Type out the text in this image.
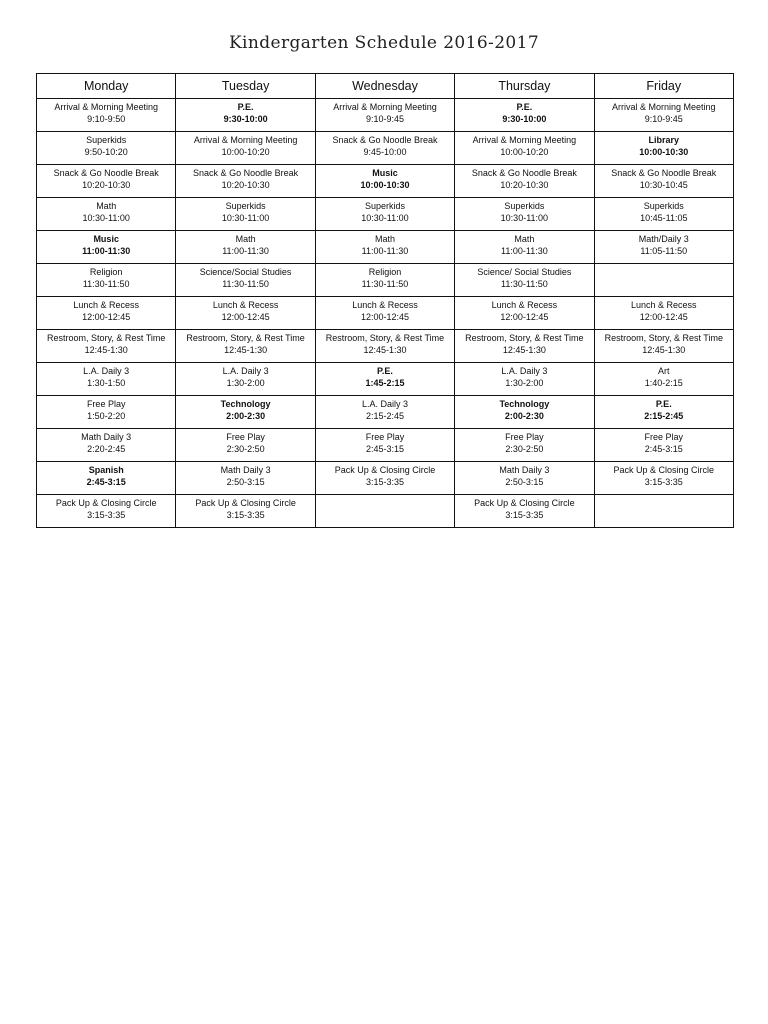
Kindergarten Schedule 2016-2017
Monday	Tuesday	Wednesday	Thursday	Friday

Arrival & Morning Meeting
9:10-9:50	P.E.
9:30-10:00	Arrival & Morning Meeting
9:10-9:45	P.E.
9:30-10:00	Arrival & Morning Meeting
9:10-9:45

Superkids
9:50-10:20	Arrival & Morning Meeting
10:00-10:20	Snack & Go Noodle Break
9:45-10:00	Arrival & Morning Meeting
10:00-10:20	Library
10:00-10:30

Snack & Go Noodle Break
10:20-10:30	Snack & Go Noodle Break
10:20-10:30	Music
10:00-10:30	Snack & Go Noodle Break
10:20-10:30	Snack & Go Noodle Break
10:30-10:45

Math
10:30-11:00	Superkids
10:30-11:00	Superkids
10:30-11:00	Superkids
10:30-11:00	Superkids
10:45-11:05

Music
11:00-11:30	Math
11:00-11:30	Math
11:00-11:30	Math
11:00-11:30	Math/Daily 3
11:05-11:50

Religion
11:30-11:50	Science/Social Studies
11:30-11:50	Religion
11:30-11:50	Science/ Social Studies
11:30-11:50	

Lunch & Recess
12:00-12:45	Lunch & Recess
12:00-12:45	Lunch & Recess
12:00-12:45	Lunch & Recess
12:00-12:45	Lunch & Recess
12:00-12:45

Restroom, Story, & Rest Time
12:45-1:30	Restroom, Story, & Rest Time
12:45-1:30	Restroom, Story, & Rest Time
12:45-1:30	Restroom, Story, & Rest Time
12:45-1:30	Restroom, Story, & Rest Time
12:45-1:30

L.A. Daily 3
1:30-1:50	L.A. Daily 3
1:30-2:00	P.E.
1:45-2:15	L.A. Daily 3
1:30-2:00	Art
1:40-2:15

Free Play
1:50-2:20	Technology
2:00-2:30	L.A. Daily 3
2:15-2:45	Technology
2:00-2:30	P.E.
2:15-2:45

Math Daily 3
2:20-2:45	Free Play
2:30-2:50	Free Play
2:45-3:15	Free Play
2:30-2:50	Free Play
2:45-3:15

Spanish
2:45-3:15	Math Daily 3
2:50-3:15	Pack Up & Closing Circle
3:15-3:35	Math Daily 3
2:50-3:15	Pack Up & Closing Circle
3:15-3:35

Pack Up & Closing Circle
3:15-3:35	Pack Up & Closing Circle
3:15-3:35		Pack Up & Closing Circle
3:15-3:35	
